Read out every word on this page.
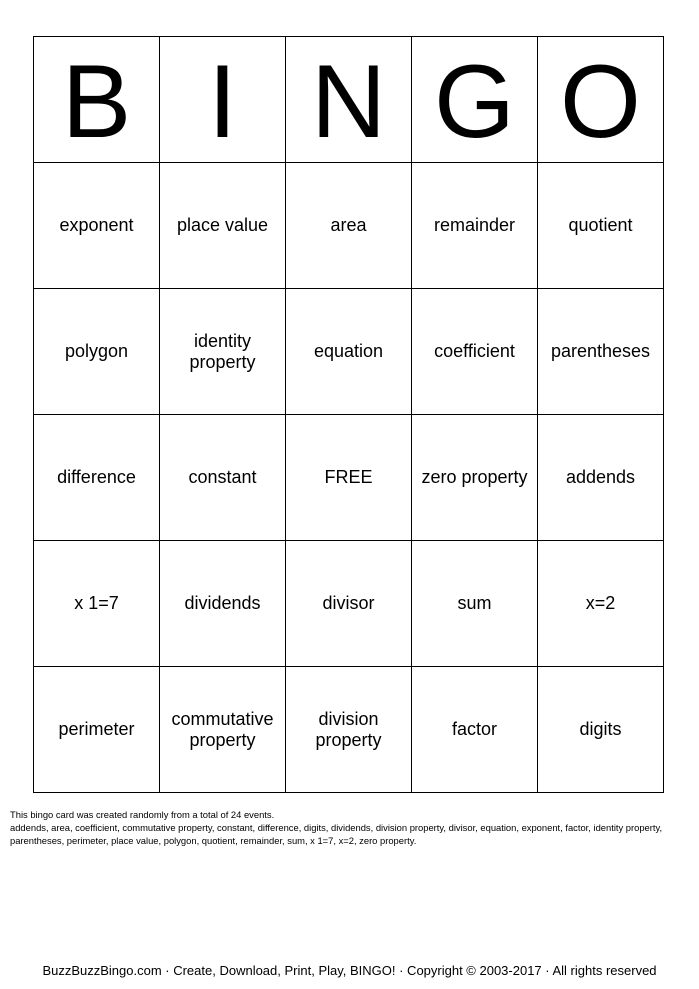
B	I	N	G	O
exponent	place value	area	remainder	quotient
polygon	identity property	equation	coefficient	parentheses
difference	constant	FREE	zero property	addends
x 1=7	dividends	divisor	sum	x=2
perimeter	commutative property	division property	factor	digits
This bingo card was created randomly from a total of 24 events.
addends, area, coefficient, commutative property, constant, difference, digits, dividends, division property, divisor, equation, exponent, factor, identity property, parentheses, perimeter, place value, polygon, quotient, remainder, sum, x 1=7, x=2, zero property.
BuzzBuzzBingo.com · Create, Download, Print, Play, BINGO! · Copyright © 2003-2017 · All rights reserved
